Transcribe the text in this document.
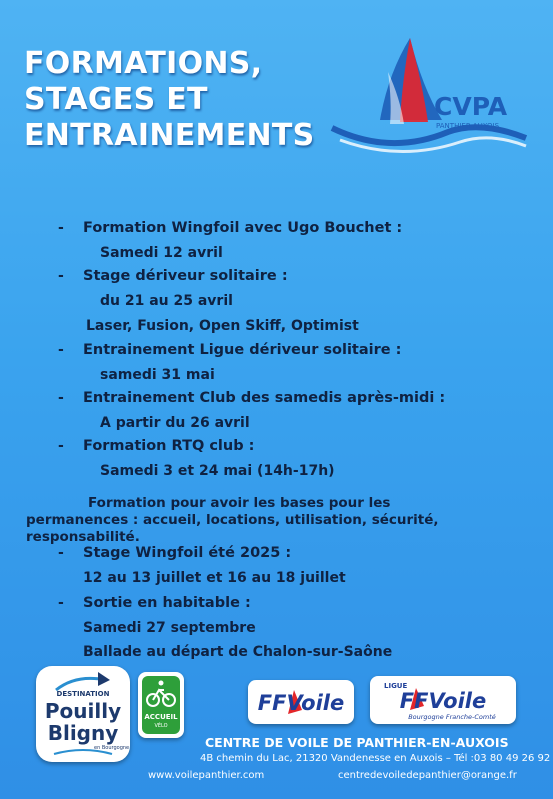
FORMATIONS,
STAGES ET
ENTRAINEMENTS
CVPA
PANTHIER-AUXOIS
- Formation Wingfoil avec Ugo Bouchet :
Samedi 12 avril
- Stage dériveur solitaire :
du 21 au 25 avril
Laser, Fusion, Open Skiff, Optimist
- Entrainement Ligue dériveur solitaire :
samedi 31 mai
- Entrainement Club des samedis après-midi :
A partir du 26 avril
- Formation RTQ club :
Samedi 3 et 24 mai (14h-17h)
- Stage Wingfoil été 2025 :
12 au 13 juillet et 16 au 18 juillet
- Sortie en habitable :
Samedi 27 septembre
Ballade au départ de Chalon-sur-Saône
Formation pour avoir les bases pour les
permanences : accueil, locations, utilisation, sécurité,
responsabilité.
DESTINATION
Pouilly
Bligny
en Bourgogne
ACCUEIL
VÉLO
FFVoile
LIGUE
FFVoile
Bourgogne Franche-Comté
CENTRE DE VOILE DE PANTHIER-EN-AUXOIS
4B chemin du Lac, 21320 Vandenesse en Auxois – Tél :03 80 49 26 92
www.voilepanthier.com	centredevoiledepanthier@orange.fr
